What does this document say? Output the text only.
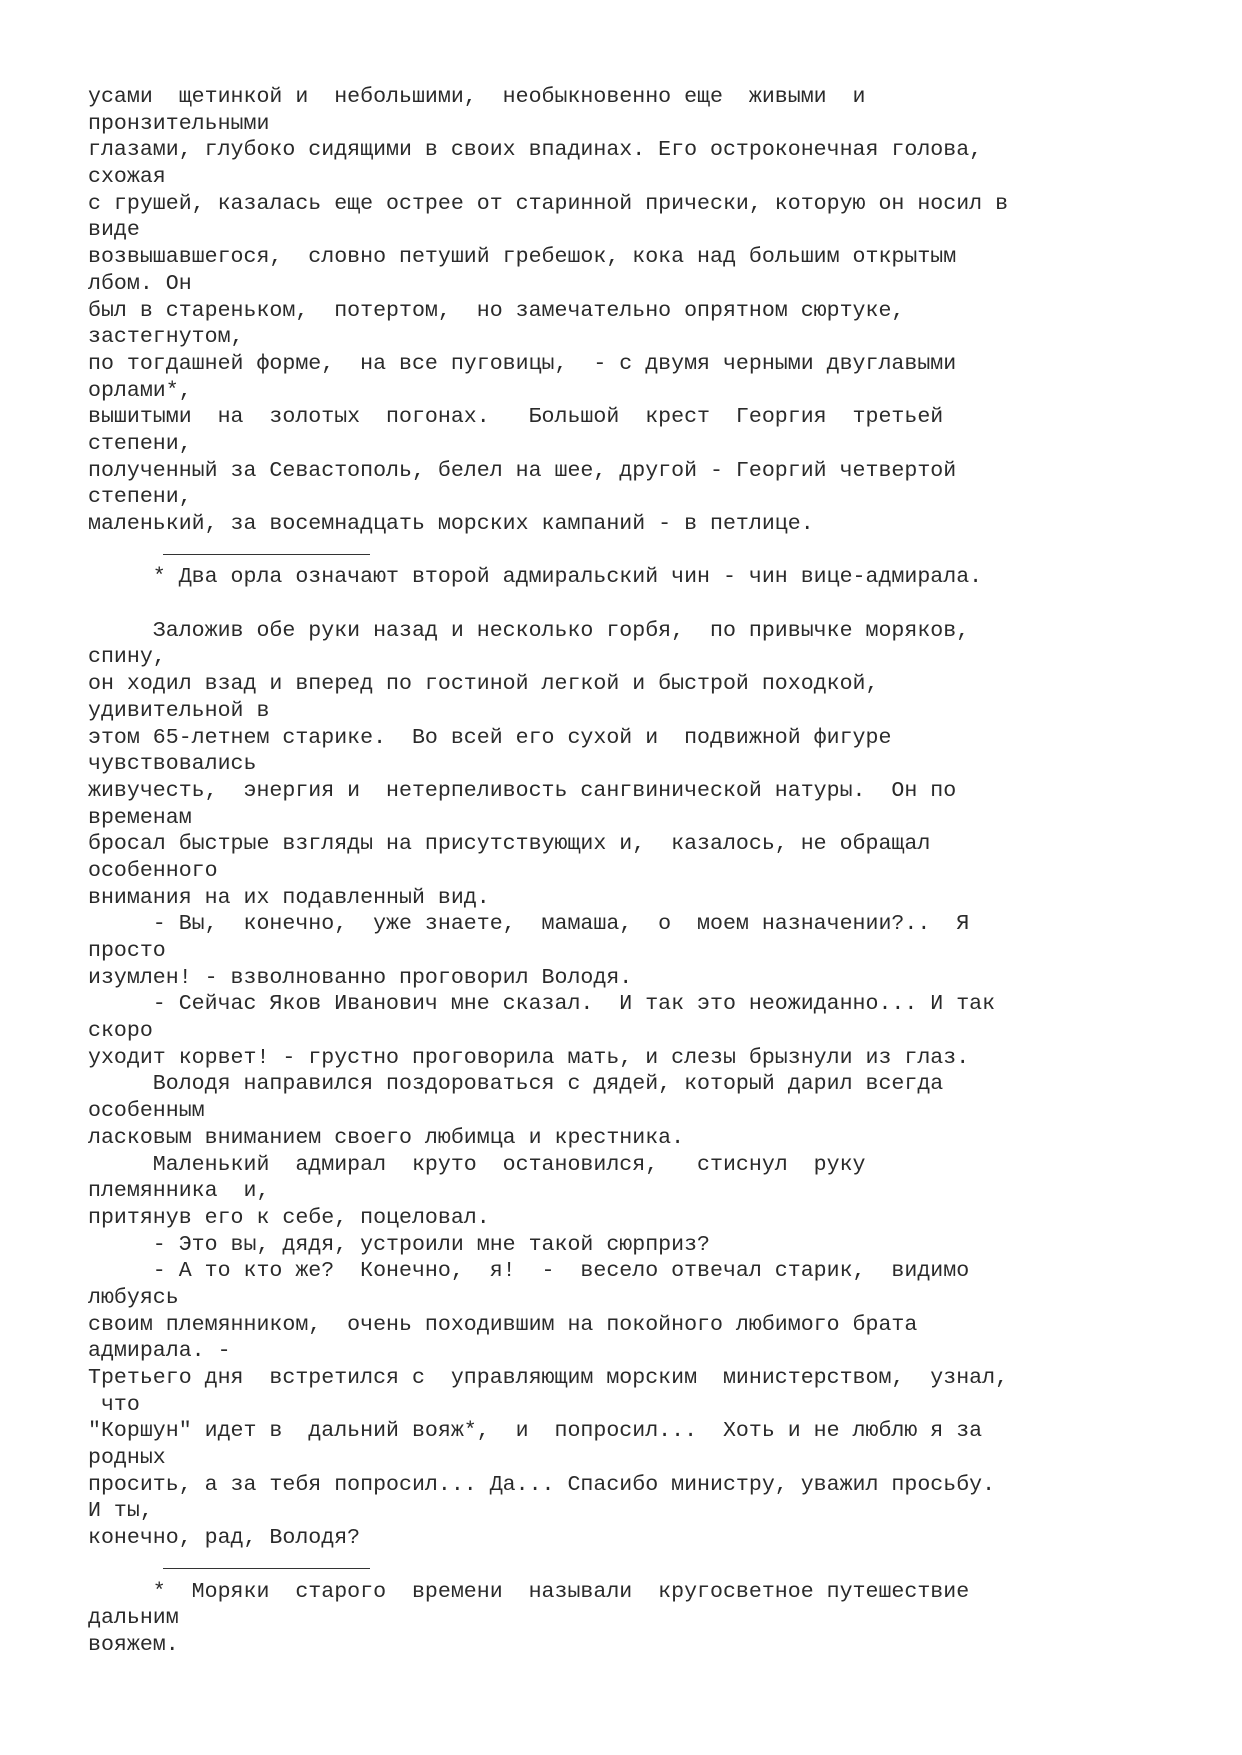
усами  щетинкой и  небольшими,  необыкновенно еще  живыми  и
пронзительными
глазами, глубоко сидящими в своих впадинах. Его остроконечная голова,
схожая
с грушей, казалась еще острее от старинной прически, которую он носил в
виде
возвышавшегося,  словно петуший гребешок, кока над большим открытым
лбом. Он
был в стареньком,  потертом,  но замечательно опрятном сюртуке,
застегнутом,
по тогдашней форме,  на все пуговицы,  - с двумя черными двуглавыми
орлами*,
вышитыми  на  золотых  погонах.   Большой  крест  Георгия  третьей
степени,
полученный за Севастополь, белел на шее, другой - Георгий четвертой
степени,
маленький, за восемнадцать морских кампаний - в петлице.
* Два орла означают второй адмиральский чин - чин вице-адмирала.
Заложив обе руки назад и несколько горбя,  по привычке моряков,
спину,
он ходил взад и вперед по гостиной легкой и быстрой походкой,
удивительной в
этом 65-летнем старике.  Во всей его сухой и  подвижной фигуре
чувствовались
живучесть,  энергия и  нетерпеливость сангвинической натуры.  Он по
временам
бросал быстрые взгляды на присутствующих и,  казалось, не обращал
особенного
внимания на их подавленный вид.
- Вы,  конечно,  уже знаете,  мамаша,  о  моем назначении?..  Я
просто
изумлен! - взволнованно проговорил Володя.
- Сейчас Яков Иванович мне сказал.  И так это неожиданно... И так
скоро
уходит корвет! - грустно проговорила мать, и слезы брызнули из глаз.
Володя направился поздороваться с дядей, который дарил всегда
особенным
ласковым вниманием своего любимца и крестника.
Маленький  адмирал  круто  остановился,   стиснул  руку
племянника  и,
притянув его к себе, поцеловал.
- Это вы, дядя, устроили мне такой сюрприз?
- А то кто же?  Конечно,  я!  -  весело отвечал старик,  видимо
любуясь
своим племянником,  очень походившим на покойного любимого брата
адмирала. -
Третьего дня  встретился с  управляющим морским  министерством,  узнал,
что
"Коршун" идет в  дальний вояж*,  и  попросил...  Хоть и не люблю я за
родных
просить, а за тебя попросил... Да... Спасибо министру, уважил просьбу.
И ты,
конечно, рад, Володя?
*  Моряки  старого  времени  называли  кругосветное путешествие
дальним
вояжем.
